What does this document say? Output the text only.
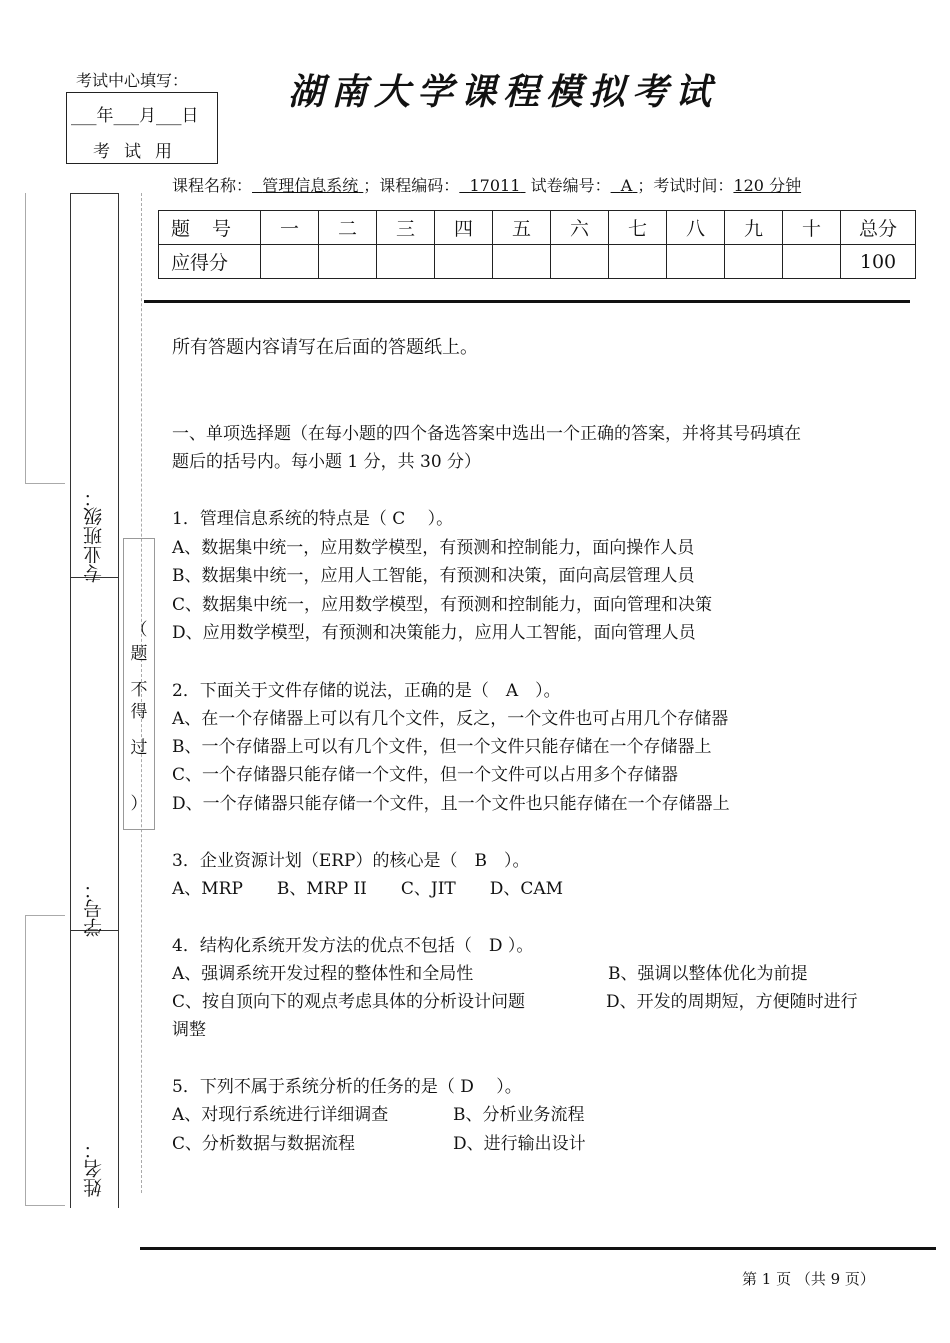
考试中心填写：
___年___月___日
考试用
湖南大学课程模拟考试
课程名称： 管理信息系统 ；课程编码： 17011 试卷编号： A ；考试时间：120 分钟
题 号	一	二	三	四	五	六	七	八	九	十	总分
应得分											100
专业班级：
学号：
姓名：
（
题
不
得
过
）
所有答题内容请写在后面的答题纸上。
一、单项选择题（在每小题的四个备选答案中选出一个正确的答案，并将其号码填在
题后的括号内。每小题 1 分，共 30 分）
1．管理信息系统的特点是（ C　 ）。
A、数据集中统一，应用数学模型，有预测和控制能力，面向操作人员
B、数据集中统一，应用人工智能，有预测和决策，面向高层管理人员
C、数据集中统一，应用数学模型，有预测和控制能力，面向管理和决策
D、应用数学模型，有预测和决策能力，应用人工智能，面向管理人员
2．下面关于文件存储的说法，正确的是（　A　）。
A、在一个存储器上可以有几个文件，反之，一个文件也可占用几个存储器
B、一个存储器上可以有几个文件，但一个文件只能存储在一个存储器上
C、一个存储器只能存储一个文件，但一个文件可以占用多个存储器
D、一个存储器只能存储一个文件，且一个文件也只能存储在一个存储器上
3．企业资源计划（ERP）的核心是（　B　）。
A、MRP　　B、MRP II　　C、JIT　　D、CAM
4．结构化系统开发方法的优点不包括（　D ）。
A、强调系统开发过程的整体性和全局性	B、强调以整体优化为前提
C、按自顶向下的观点考虑具体的分析设计问题	D、开发的周期短，方便随时进行
调整
5．下列不属于系统分析的任务的是（ D　 ）。
A、对现行系统进行详细调查	B、分析业务流程
C、分析数据与数据流程	D、进行输出设计
第 1 页 （共 9 页）
